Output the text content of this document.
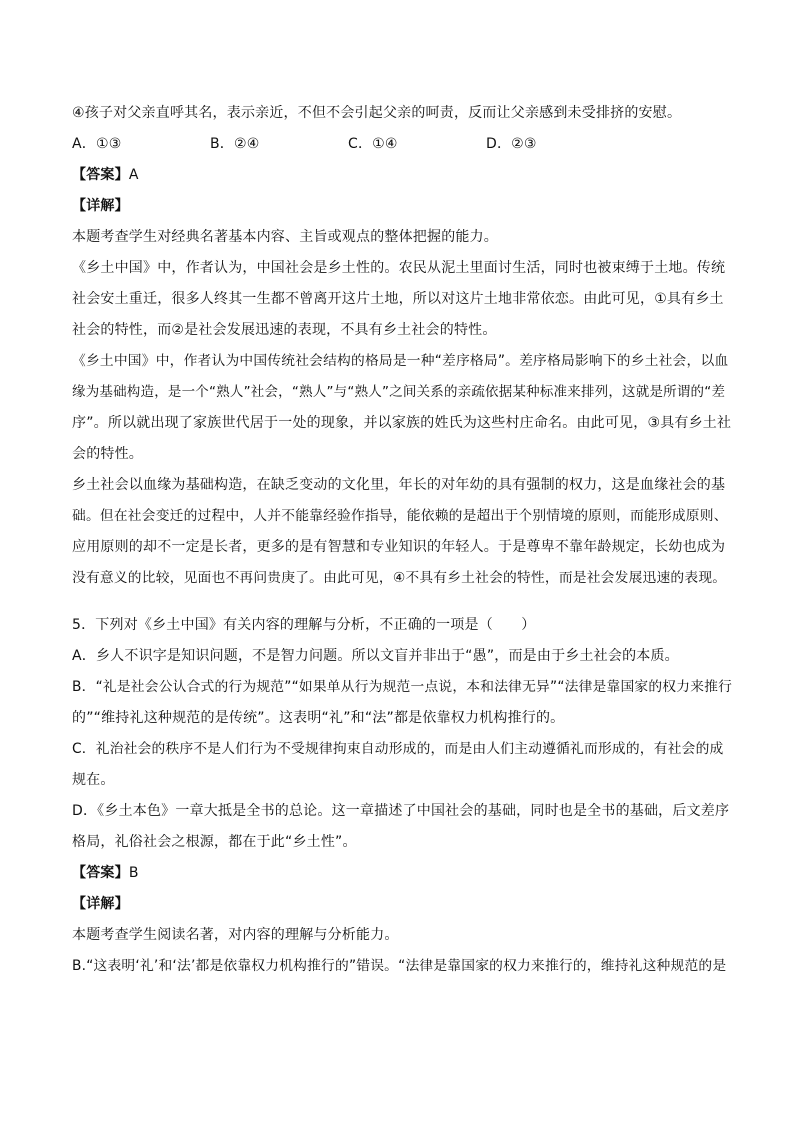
④孩子对父亲直呼其名，表示亲近，不但不会引起父亲的呵责，反而让父亲感到未受排挤的安慰。
A．①③	B．②④	C．①④	D．②③
【答案】A
【详解】
本题考查学生对经典名著基本内容、主旨或观点的整体把握的能力。
《乡土中国》中，作者认为，中国社会是乡土性的。农民从泥土里面讨生活，同时也被束缚于土地。传统
社会安土重迁，很多人终其一生都不曾离开这片土地，所以对这片土地非常依恋。由此可见，①具有乡土
社会的特性，而②是社会发展迅速的表现，不具有乡土社会的特性。
《乡土中国》中，作者认为中国传统社会结构的格局是一种“差序格局”。差序格局影响下的乡土社会，以血
缘为基础构造，是一个“熟人”社会，“熟人”与“熟人”之间关系的亲疏依据某种标准来排列，这就是所谓的“差
序”。所以就出现了家族世代居于一处的现象，并以家族的姓氏为这些村庄命名。由此可见，③具有乡土社
会的特性。
乡土社会以血缘为基础构造，在缺乏变动的文化里，年长的对年幼的具有强制的权力，这是血缘社会的基
础。但在社会变迁的过程中，人并不能靠经验作指导，能依赖的是超出于个别情境的原则，而能形成原则、
应用原则的却不一定是长者，更多的是有智慧和专业知识的年轻人。于是尊卑不靠年龄规定，长幼也成为
没有意义的比较，见面也不再问贵庚了。由此可见，④不具有乡土社会的特性，而是社会发展迅速的表现。
5．下列对《乡土中国》有关内容的理解与分析，不正确的一项是（　　）
A．乡人不识字是知识问题，不是智力问题。所以文盲并非出于“愚”，而是由于乡土社会的本质。
B．“礼是社会公认合式的行为规范”“如果单从行为规范一点说，本和法律无异”“法律是靠国家的权力来推行
的”“维持礼这种规范的是传统”。这表明“礼”和“法”都是依靠权力机构推行的。
C．礼治社会的秩序不是人们行为不受规律拘束自动形成的，而是由人们主动遵循礼而形成的，有社会的成
规在。
D．《乡土本色》一章大抵是全书的总论。这一章描述了中国社会的基础，同时也是全书的基础，后文差序
格局，礼俗社会之根源，都在于此“乡土性”。
【答案】B
【详解】
本题考查学生阅读名著，对内容的理解与分析能力。
B.“这表明‘礼’和‘法’都是依靠权力机构推行的”错误。“法律是靠国家的权力来推行的，维持礼这种规范的是
